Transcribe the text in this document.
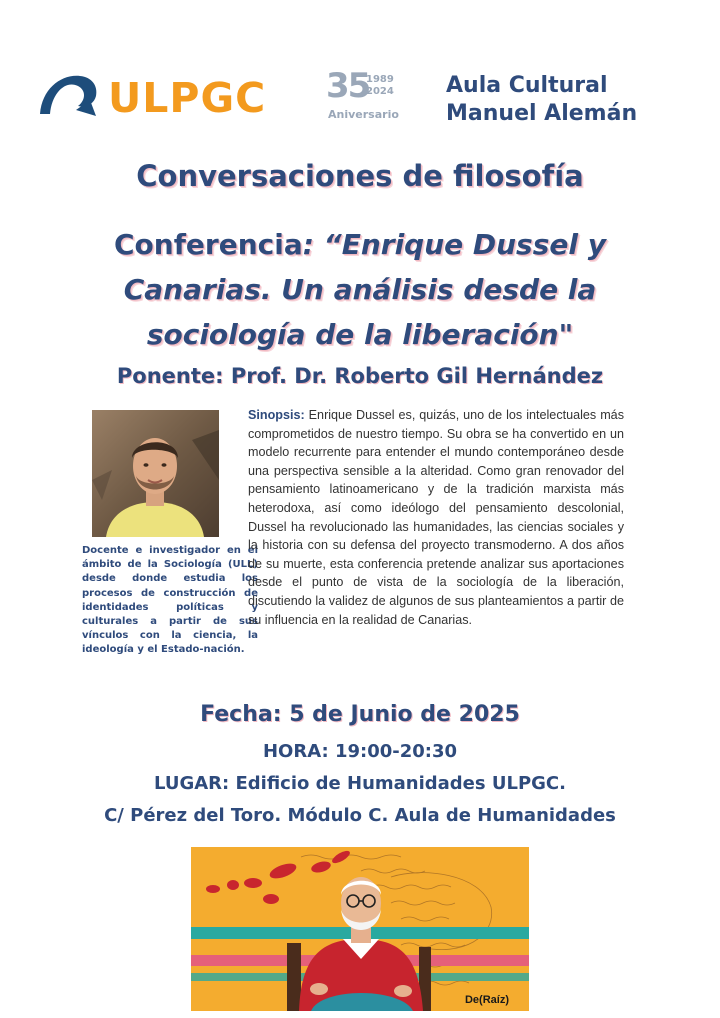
ULPGC 35
1989
2024
Aniversario
Aula Cultural
Manuel Alemán
Conversaciones de filosofía
Conferencia: “Enrique Dussel y Canarias. Un análisis desde la sociología de la liberación"
Ponente: Prof. Dr. Roberto Gil Hernández
Docente e investigador en el ámbito de la Sociología (ULL) desde donde estudia los procesos de construcción de identidades políticas y culturales a partir de sus vínculos con la ciencia, la ideología y el Estado-nación.
Sinopsis: Enrique Dussel es, quizás, uno de los intelectuales más comprometidos de nuestro tiempo. Su obra se ha convertido en un modelo recurrente para entender el mundo contemporáneo desde una perspectiva sensible a la alteridad. Como gran renovador del pensamiento latinoamericano y de la tradición marxista más heterodoxa, así como ideólogo del pensamiento descolonial, Dussel ha revolucionado las humanidades, las ciencias sociales y la historia con su defensa del proyecto transmoderno. A dos años de su muerte, esta conferencia pretende analizar sus aportaciones desde el punto de vista de la sociología de la liberación, discutiendo la validez de algunos de sus planteamientos a partir de su influencia en la realidad de Canarias.
Fecha: 5 de Junio de 2025
HORA: 19:00-20:30
LUGAR: Edificio de Humanidades ULPGC.
C/ Pérez del Toro. Módulo C. Aula de Humanidades
De(Raíz)
